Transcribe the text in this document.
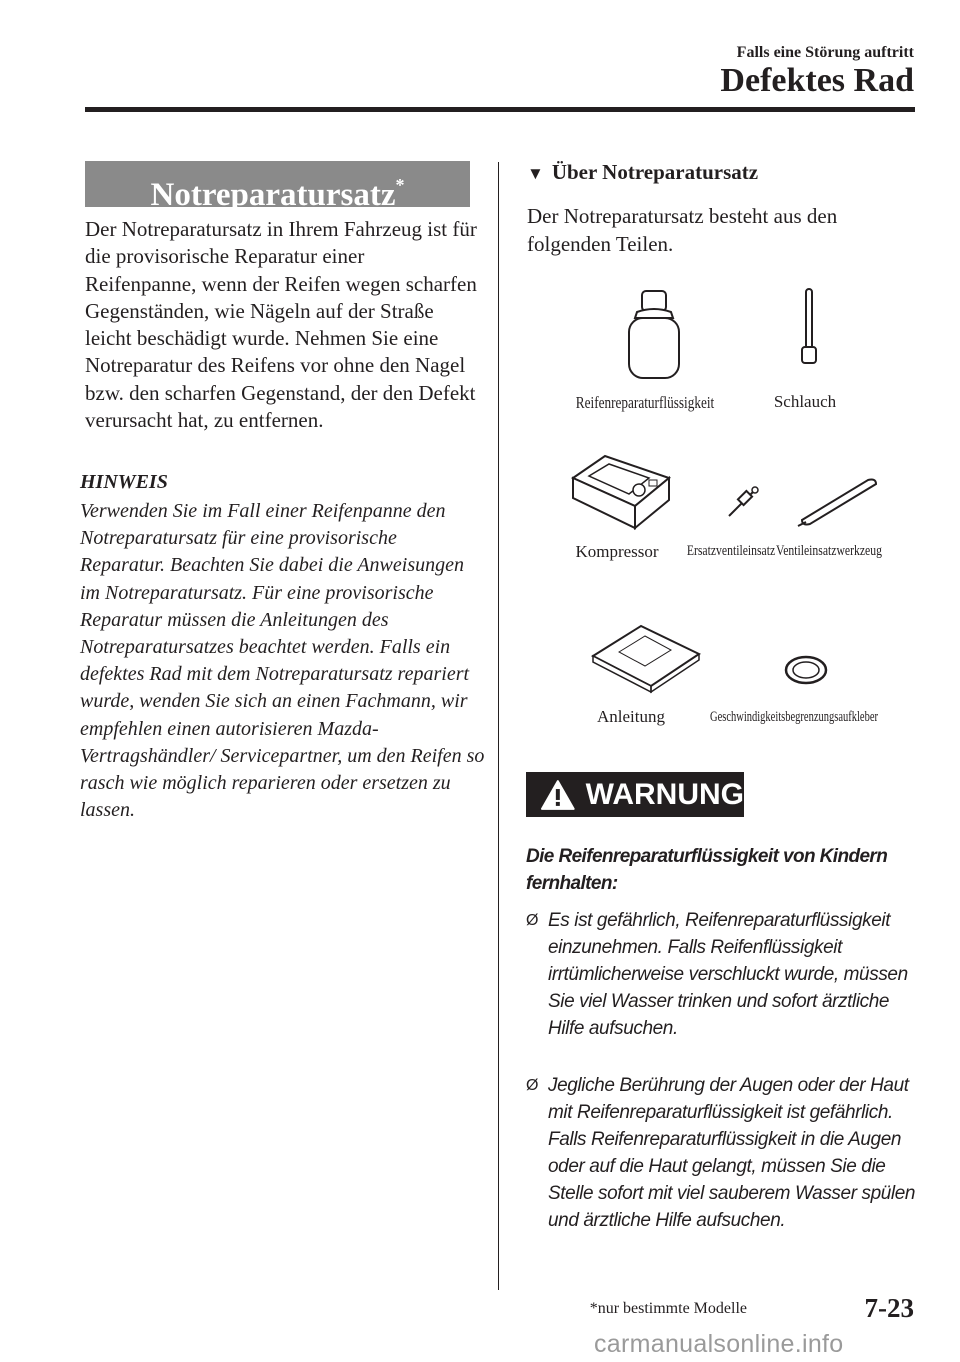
Falls eine Störung auftritt
Defektes Rad
Notreparatursatz*

Der Notreparatursatz in Ihrem Fahrzeug ist für die provisorische Reparatur einer Reifenpanne, wenn der Reifen wegen scharfen Gegenständen, wie Nägeln auf der Straße leicht beschädigt wurde. Nehmen Sie eine Notreparatur des Reifens vor ohne den Nagel bzw. den scharfen Gegenstand, der den Defekt verursacht hat, zu entfernen.

HINWEIS

Verwenden Sie im Fall einer Reifenpanne den Notreparatursatz für eine provisorische Reparatur. Beachten Sie dabei die Anweisungen im Notreparatursatz. Für eine provisorische Reparatur müssen die Anleitungen des Notreparatursatzes beachtet werden. Falls ein defektes Rad mit dem Notreparatursatz repariert wurde, wenden Sie sich an einen Fachmann, wir empfehlen einen autorisieren Mazda-Vertragshändler/ Servicepartner, um den Reifen so rasch wie möglich reparieren oder ersetzen zu lassen.

▼ Über Notreparatursatz

Der Notreparatursatz besteht aus den folgenden Teilen.

Reifenreparaturflüssigkeit	Schlauch
Kompressor Ersatzventileinsatz Ventileinsatzwerkzeug
Anleitung	Geschwindigkeitsbegrenzungsaufkleber
WARNUNG

Die Reifenreparaturflüssigkeit von Kindern fernhalten:

Ø Es ist gefährlich, Reifenreparaturflüssigkeit einzunehmen. Falls Reifenflüssigkeit irrtümlicherweise verschluckt wurde, müssen Sie viel Wasser trinken und sofort ärztliche Hilfe aufsuchen.
Ø Jegliche Berührung der Augen oder der Haut mit Reifenreparaturflüssigkeit ist gefährlich. Falls Reifenreparaturflüssigkeit in die Augen oder auf die Haut gelangt, müssen Sie die Stelle sofort mit viel sauberem Wasser spülen und ärztliche Hilfe aufsuchen.
*nur bestimmte Modelle	7-23
carmanualsonline.info
